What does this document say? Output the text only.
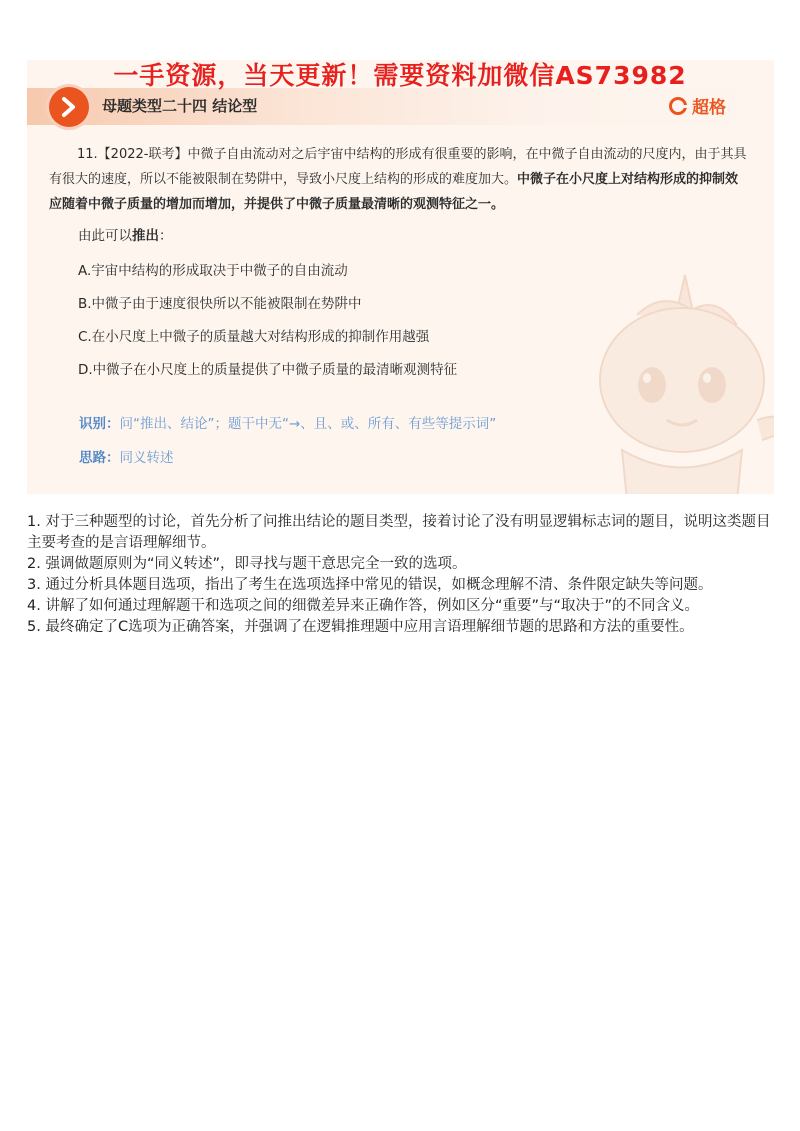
一手资源，当天更新！需要资料加微信AS73982
母题类型二十四 结论型	超格
11.【2022-联考】中微子自由流动对之后宇宙中结构的形成有很重要的影响，在中微子自由流动的尺度内，由于其具有很大的速度，所以不能被限制在势阱中，导致小尺度上结构的形成的难度加大。中微子在小尺度上对结构形成的抑制效应随着中微子质量的增加而增加，并提供了中微子质量最清晰的观测特征之一。
由此可以推出：
A.宇宙中结构的形成取决于中微子的自由流动
B.中微子由于速度很快所以不能被限制在势阱中
C.在小尺度上中微子的质量越大对结构形成的抑制作用越强
D.中微子在小尺度上的质量提供了中微子质量的最清晰观测特征
识别：问“推出、结论”；题干中无“→、且、或、所有、有些等提示词”
思路：同义转述

1. 对于三种题型的讨论，首先分析了问推出结论的题目类型，接着讨论了没有明显逻辑标志词的题目，说明这类题目主要考查的是言语理解细节。

2. 强调做题原则为“同义转述”，即寻找与题干意思完全一致的选项。

3. 通过分析具体题目选项，指出了考生在选项选择中常见的错误，如概念理解不清、条件限定缺失等问题。

4. 讲解了如何通过理解题干和选项之间的细微差异来正确作答，例如区分“重要”与“取决于”的不同含义。

5. 最终确定了C选项为正确答案，并强调了在逻辑推理题中应用言语理解细节题的思路和方法的重要性。
